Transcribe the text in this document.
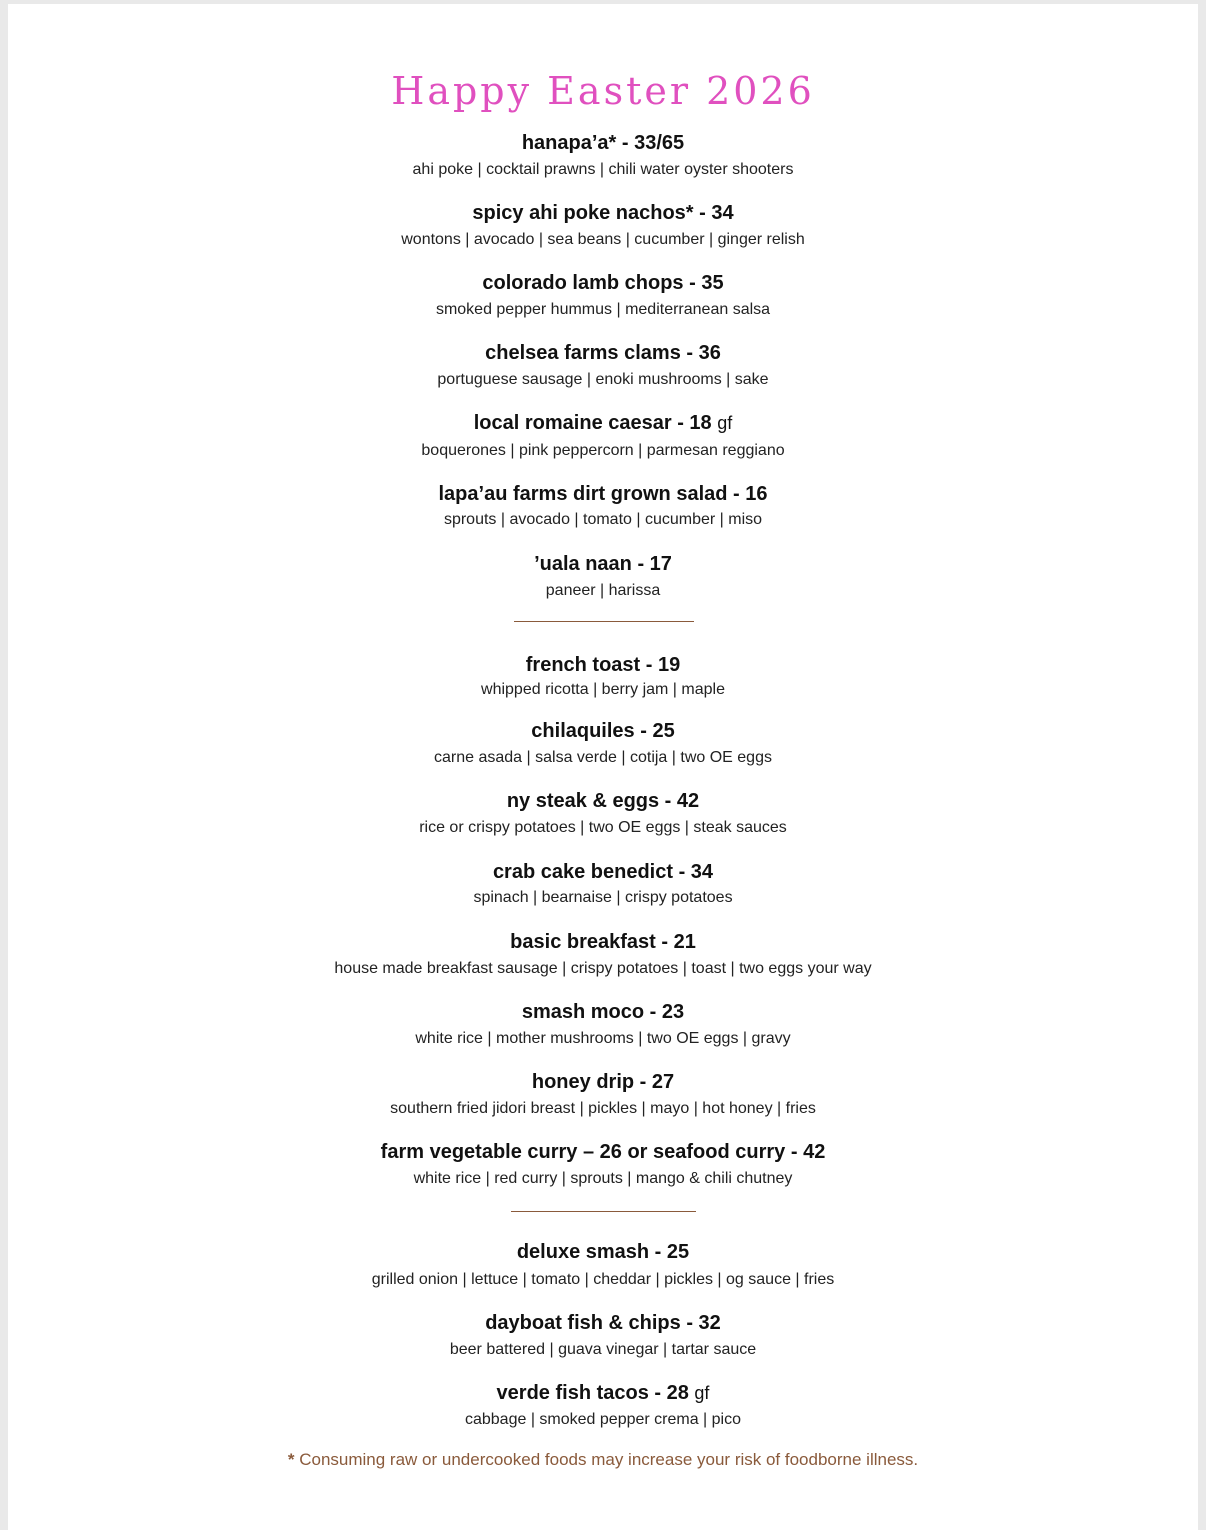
Happy Easter 2026
hanapa’a* - 33/65
ahi poke | cocktail prawns | chili water oyster shooters
spicy ahi poke nachos* - 34
wontons | avocado | sea beans | cucumber | ginger relish
colorado lamb chops - 35
smoked pepper hummus | mediterranean salsa
chelsea farms clams - 36
portuguese sausage | enoki mushrooms | sake
local romaine caesar - 18 gf
boquerones | pink peppercorn | parmesan reggiano
lapa’au farms dirt grown salad - 16
sprouts | avocado | tomato | cucumber | miso
’uala naan - 17
paneer | harissa
french toast - 19
whipped ricotta | berry jam | maple
chilaquiles - 25
carne asada | salsa verde | cotija | two OE eggs
ny steak & eggs - 42
rice or crispy potatoes | two OE eggs | steak sauces
crab cake benedict - 34
spinach | bearnaise | crispy potatoes
basic breakfast - 21
house made breakfast sausage | crispy potatoes | toast | two eggs your way
smash moco - 23
white rice | mother mushrooms | two OE eggs | gravy
honey drip - 27
southern fried jidori breast | pickles | mayo | hot honey | fries
farm vegetable curry – 26 or seafood curry - 42
white rice | red curry | sprouts | mango & chili chutney
deluxe smash - 25
grilled onion | lettuce | tomato | cheddar | pickles | og sauce | fries
dayboat fish & chips - 32
beer battered | guava vinegar | tartar sauce
verde fish tacos - 28 gf
cabbage | smoked pepper crema | pico
* Consuming raw or undercooked foods may increase your risk of foodborne illness.
